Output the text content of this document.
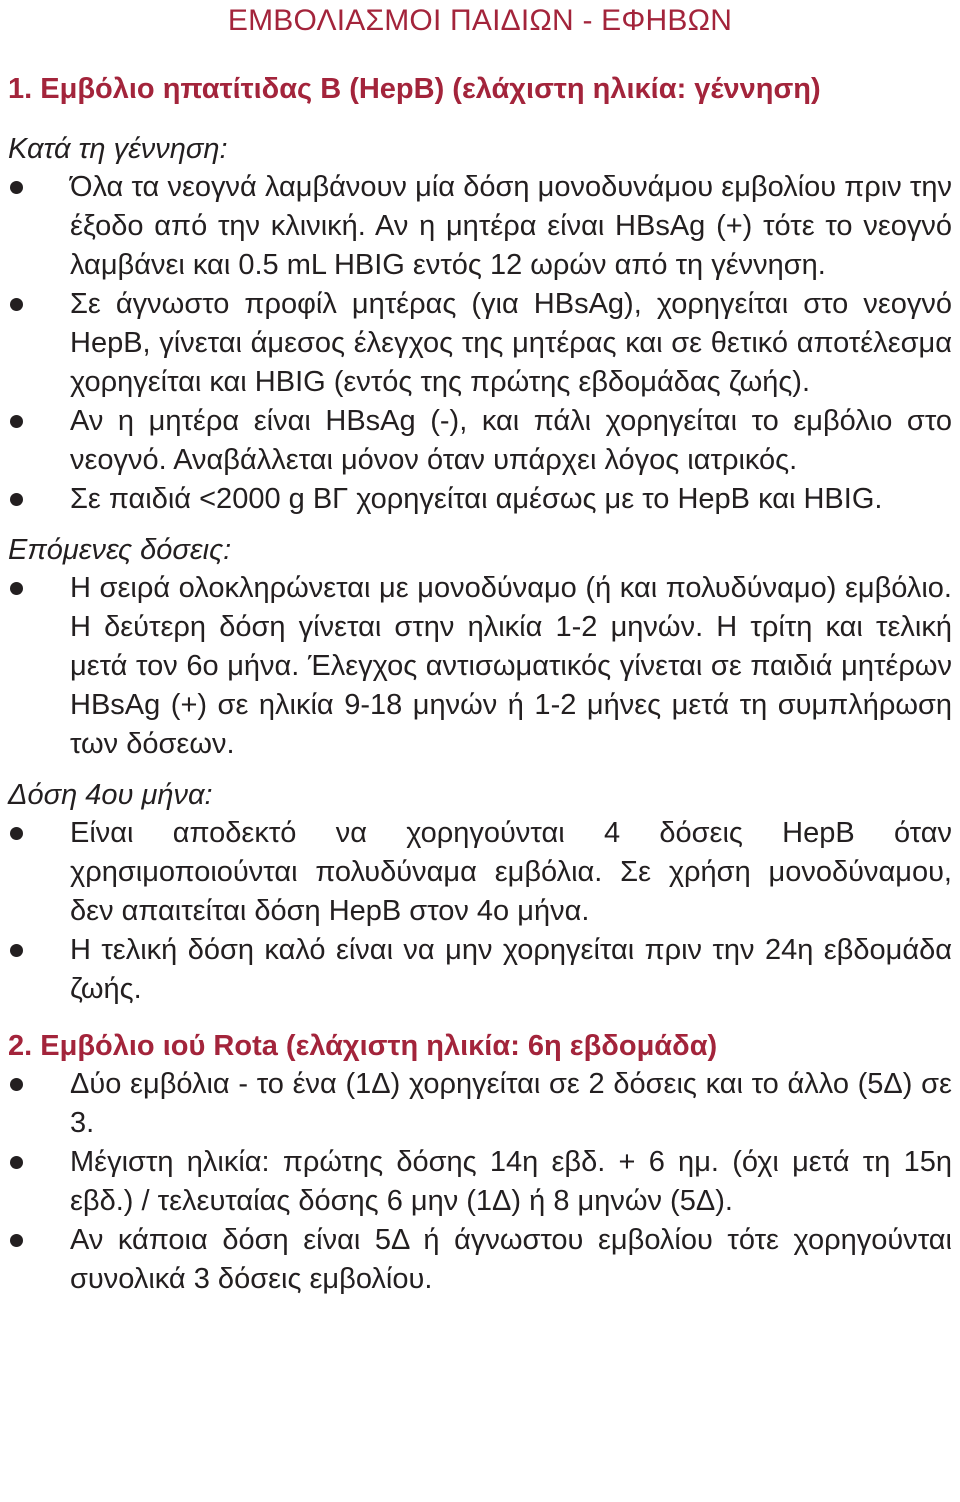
ΕΜΒΟΛΙΑΣΜΟΙ ΠΑΙΔΙΩΝ - ΕΦΗΒΩΝ
1. Εμβόλιο ηπατίτιδας Β (HepB) (ελάχιστη ηλικία: γέννηση)

Κατά τη γέννηση:

Όλα τα νεογνά λαμβάνουν μία δόση μονοδυνάμου εμβολίου πριν την έξοδο από την κλινική. Αν η μητέρα είναι HBsAg (+) τότε το νεογνό λαμβάνει και 0.5 mL HBIG εντός 12 ωρών από τη γέννηση.
Σε άγνωστο προφίλ μητέρας (για HBsAg), χορηγείται στο νεογνό HepB, γίνεται άμεσος έλεγχος της μητέρας και σε θετικό αποτέλεσμα χορηγείται και HBIG (εντός της πρώτης εβδομάδας ζωής).
Αν η μητέρα είναι HBsAg (-), και πάλι χορηγείται το εμβόλιο στο νεογνό. Αναβάλλεται μόνον όταν υπάρχει λόγος ιατρικός.
Σε παιδιά <2000 g ΒΓ χορηγείται αμέσως με το HepB και HBIG.

Επόμενες δόσεις:

Η σειρά ολοκληρώνεται με μονοδύναμο (ή και πολυδύναμο) εμβόλιο. Η δεύτερη δόση γίνεται στην ηλικία 1-2 μηνών. Η τρίτη και τελική μετά τον 6ο μήνα. Έλεγχος αντισωματικός γίνεται σε παιδιά μητέρων HBsAg (+) σε ηλικία 9-18 μηνών ή 1-2 μήνες μετά τη συμπλήρωση των δόσεων.

Δόση 4ου μήνα:

Είναι αποδεκτό να χορηγούνται 4 δόσεις HepB όταν χρησιμοποιούνται πολυδύναμα εμβόλια. Σε χρήση μονοδύναμου, δεν απαιτείται δόση HepB στον 4ο μήνα.
Η τελική δόση καλό είναι να μην χορηγείται πριν την 24η εβδομάδα ζωής.
2. Εμβόλιο ιού Rota (ελάχιστη ηλικία: 6η εβδομάδα)
Δύο εμβόλια - το ένα (1Δ) χορηγείται σε 2 δόσεις και το άλλο (5Δ) σε 3.
Μέγιστη ηλικία: πρώτης δόσης 14η εβδ. + 6 ημ. (όχι μετά τη 15η εβδ.) / τελευταίας δόσης 6 μην (1Δ) ή 8 μηνών (5Δ).
Αν κάποια δόση είναι 5Δ ή άγνωστου εμβολίου τότε χορηγούνται συνολικά 3 δόσεις εμβολίου.
